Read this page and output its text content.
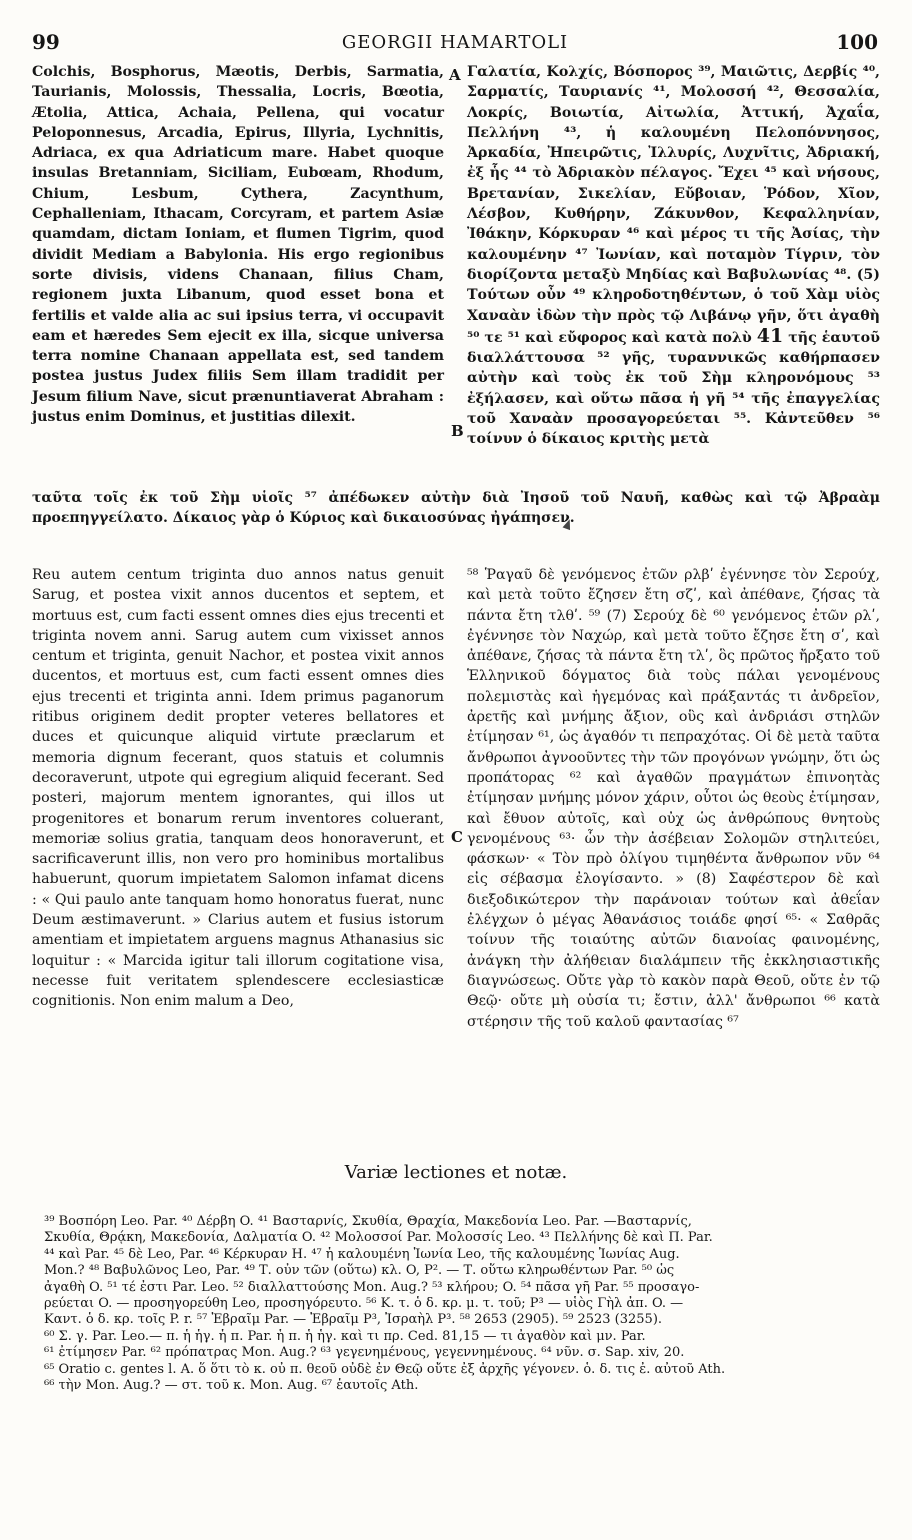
99	GEORGII HAMARTOLI	100

Colchis, Bosphorus, Mæotis, Derbis, Sarmatia, Taurianis, Molossis, Thessalia, Locris, Bœotia, Ætolia, Attica, Achaia, Pellena, qui vocatur Peloponnesus, Arcadia, Epirus, Illyria, Lychnitis, Adriaca, ex qua Adriaticum mare. Habet quoque insulas Bretanniam, Siciliam, Eubœam, Rhodum, Chium, Lesbum, Cythera, Zacynthum, Cephalleniam, Ithacam, Corcyram, et partem Asiæ quamdam, dictam Ioniam, et flumen Tigrim, quod dividit Mediam a Babylonia. His ergo regionibus sorte divisis, videns Chanaan, filius Cham, regionem juxta Libanum, quod esset bona et fertilis et valde alia ac sui ipsius terra, vi occupavit eam et hæredes Sem ejecit ex illa, sicque universa terra nomine Chanaan appellata est, sed tandem postea justus Judex filiis Sem illam tradidit per Jesum filium Nave, sicut prænuntiaverat Abraham : justus enim Dominus, et justitias dilexit.

Γαλατία, Κολχίς, Βόσπορος ³⁹, Μαιῶτις, Δερβίς ⁴⁰, Σαρματίς, Ταυριανίς ⁴¹, Μολοσσή ⁴², Θεσσαλία, Λοκρίς, Βοιωτία, Αἰτωλία, Ἀττική, Ἀχαΐα, Πελλήνη ⁴³, ἡ καλουμένη Πελοπόννησος, Ἀρκαδία, Ἠπειρῶτις, Ἰλλυρίς, Λυχνῖτις, Ἀδριακή, ἐξ ἧς ⁴⁴ τὸ Ἀδριακὸν πέλαγος. Ἔχει ⁴⁵ καὶ νήσους, Βρετανίαν, Σικελίαν, Εὔβοιαν, Ῥόδον, Χῖον, Λέσβον, Κυθήρην, Ζάκυνθον, Κεφαλληνίαν, Ἰθάκην, Κόρκυραν ⁴⁶ καὶ μέρος τι τῆς Ἀσίας, τὴν καλουμένην ⁴⁷ Ἰωνίαν, καὶ ποταμὸν Τίγριν, τὸν διορίζοντα μεταξὺ Μηδίας καὶ Βαβυλωνίας ⁴⁸. (5) Τούτων οὖν ⁴⁹ κληροδοτηθέντων, ὁ τοῦ Χὰμ υἱὸς Χαναὰν ἰδὼν τὴν πρὸς τῷ Λιβάνῳ γῆν, ὅτι ἀγαθὴ ⁵⁰ τε ⁵¹ καὶ εὔφορος καὶ κατὰ πολὺ 41 τῆς ἑαυτοῦ διαλλάττουσα ⁵² γῆς, τυραννικῶς καθήρπασεν αὐτὴν καὶ τοὺς ἐκ τοῦ Σὴμ κληρονόμους ⁵³ ἐξήλασεν, καὶ οὕτω πᾶσα ἡ γῆ ⁵⁴ τῆς ἐπαγγελίας τοῦ Χαναὰν προσαγορεύεται ⁵⁵. Κἀντεῦθεν ⁵⁶ τοίνυν ὁ δίκαιος κριτὴς μετὰ

A
B
C

ταῦτα τοῖς ἐκ τοῦ Σὴμ υἱοῖς ⁵⁷ ἀπέδωκεν αὐτὴν διὰ Ἰησοῦ τοῦ Ναυῆ, καθὼς καὶ τῷ Ἀβραὰμ προεπηγγείλατο. Δίκαιος γὰρ ὁ Κύριος καὶ δικαιοσύνας ἠγάπησεν.

Reu autem centum triginta duo annos natus genuit Sarug, et postea vixit annos ducentos et septem, et mortuus est, cum facti essent omnes dies ejus trecenti et triginta novem anni. Sarug autem cum vixisset annos centum et triginta, genuit Nachor, et postea vixit annos ducentos, et mortuus est, cum facti essent omnes dies ejus trecenti et triginta anni. Idem primus paganorum ritibus originem dedit propter veteres bellatores et duces et quicunque aliquid virtute præclarum et memoria dignum fecerant, quos statuis et columnis decoraverunt, utpote qui egregium aliquid fecerant. Sed posteri, majorum mentem ignorantes, qui illos ut progenitores et bonarum rerum inventores coluerant, memoriæ solius gratia, tanquam deos honoraverunt, et sacrificaverunt illis, non vero pro hominibus mortalibus habuerunt, quorum impietatem Salomon infamat dicens : « Qui paulo ante tanquam homo honoratus fuerat, nunc Deum æstimaverunt. » Clarius autem et fusius istorum amentiam et impietatem arguens magnus Athanasius sic loquitur : « Marcida igitur tali illorum cogitatione visa, necesse fuit veritatem splendescere ecclesiasticæ cognitionis. Non enim malum a Deo,

⁵⁸ Ῥαγαῦ δὲ γενόμενος ἐτῶν ρλβʹ ἐγέννησε τὸν Σερούχ, καὶ μετὰ τοῦτο ἔζησεν ἔτη σζʹ, καὶ ἀπέθανε, ζήσας τὰ πάντα ἔτη τλθʹ. ⁵⁹ (7) Σερούχ δὲ ⁶⁰ γενόμενος ἐτῶν ρλʹ, ἐγέννησε τὸν Ναχώρ, καὶ μετὰ τοῦτο ἔζησε ἔτη σʹ, καὶ ἀπέθανε, ζήσας τὰ πάντα ἔτη τλʹ, ὃς πρῶτος ἤρξατο τοῦ Ἑλληνικοῦ δόγματος διὰ τοὺς πάλαι γενομένους πολεμιστὰς καὶ ἡγεμόνας καὶ πράξαντάς τι ἀνδρεῖον, ἀρετῆς καὶ μνήμης ἄξιον, οὓς καὶ ἀνδριάσι στηλῶν ἐτίμησαν ⁶¹, ὡς ἀγαθόν τι πεπραχότας. Οἱ δὲ μετὰ ταῦτα ἄνθρωποι ἀγνοοῦντες τὴν τῶν προγόνων γνώμην, ὅτι ὡς προπάτορας ⁶² καὶ ἀγαθῶν πραγμάτων ἐπινοητὰς ἐτίμησαν μνήμης μόνον χάριν, οὗτοι ὡς θεοὺς ἐτίμησαν, καὶ ἔθυον αὐτοῖς, καὶ οὐχ ὡς ἀνθρώπους θνητοὺς γενομένους ⁶³· ὧν τὴν ἀσέβειαν Σολομῶν στηλιτεύει, φάσκων· « Τὸν πρὸ ὀλίγου τιμηθέντα ἄνθρωπον νῦν ⁶⁴ εἰς σέβασμα ἐλογίσαντο. » (8) Σαφέστερον δὲ καὶ διεξοδικώτερον τὴν παράνοιαν τούτων καὶ ἀθεΐαν ἐλέγχων ὁ μέγας Ἀθανάσιος τοιάδε φησί ⁶⁵· « Σαθρᾶς τοίνυν τῆς τοιαύτης αὐτῶν διανοίας φαινομένης, ἀνάγκη τὴν ἀλήθειαν διαλάμπειν τῆς ἐκκλησιαστικῆς διαγνώσεως. Οὔτε γὰρ τὸ κακὸν παρὰ Θεοῦ, οὔτε ἐν τῷ Θεῷ· οὔτε μὴ οὐσία τι; ἔστιν, ἀλλ' ἄνθρωποι ⁶⁶ κατὰ στέρησιν τῆς τοῦ καλοῦ φαντασίας ⁶⁷

Variæ lectiones et notæ.
³⁹ Βοσπόρη Leo. Par. ⁴⁰ Δέρβη O. ⁴¹ Βασταρνίς, Σκυθία, Θραχία, Μακεδονία Leo. Par. —Βασταρνίς,
Σκυθία, Θρᾴκη, Μακεδονία, Δαλματία O. ⁴² Μολοσσοί Par. Μολοσσίς Leo. ⁴³ Πελλήνης δὲ καὶ Π. Par.
⁴⁴ καὶ Par. ⁴⁵ δὲ Leo, Par. ⁴⁶ Κέρκυραν H. ⁴⁷ ἡ καλουμένη Ἰωνία Leo, τῆς καλουμένης Ἰωνίας Aug.
Mon.? ⁴⁸ Βαβυλῶνος Leo, Par. ⁴⁹ Τ. οὖν τῶν (οὕτω) κλ. O, P². — Τ. οὕτω κληρωθέντων Par. ⁵⁰ ὡς
ἀγαθὴ O. ⁵¹ τέ ἐστι Par. Leo. ⁵² διαλλαττούσης Mon. Aug.? ⁵³ κλήρου; O. ⁵⁴ πᾶσα γῆ Par. ⁵⁵ προσαγο-
ρεύεται O. — προσηγορεύθη Leo, προσηγόρευτο. ⁵⁶ Κ. τ. ὁ δ. κρ. μ. τ. τοῦ; P³ — υἱὸς Γὴλ ἀπ. O. —
Καντ. ὁ δ. κρ. τοῖς P. r. ⁵⁷ Ἐβραῖμ Par. — Ἐβραῖμ P³, Ἰσραὴλ P³. ⁵⁸ 2653 (2905). ⁵⁹ 2523 (3255).
⁶⁰ Σ. γ. Par. Leo.— π. ἡ ἡγ. ἡ π. Par. ἡ π. ἡ ἡγ. καὶ τι πρ. Ced. 81,15 — τι ἀγαθὸν καὶ μν. Par.
⁶¹ ἐτίμησεν Par. ⁶² πρόπατρας Mon. Aug.? ⁶³ γεγενημένους, γεγεννημένους. ⁶⁴ νῦν. σ. Sap. xiv, 20.
⁶⁵ Oratio c. gentes l. A. ὅ ὅτι τὸ κ. οὐ π. θεοῦ οὐδὲ ἐν Θεῷ οὔτε ἐξ ἀρχῆς γέγονεν. ὁ. δ. τις ἐ. αὐτοῦ Ath.
⁶⁶ τὴν Mon. Aug.? — στ. τοῦ κ. Mon. Aug. ⁶⁷ ἑαυτοῖς Ath.
